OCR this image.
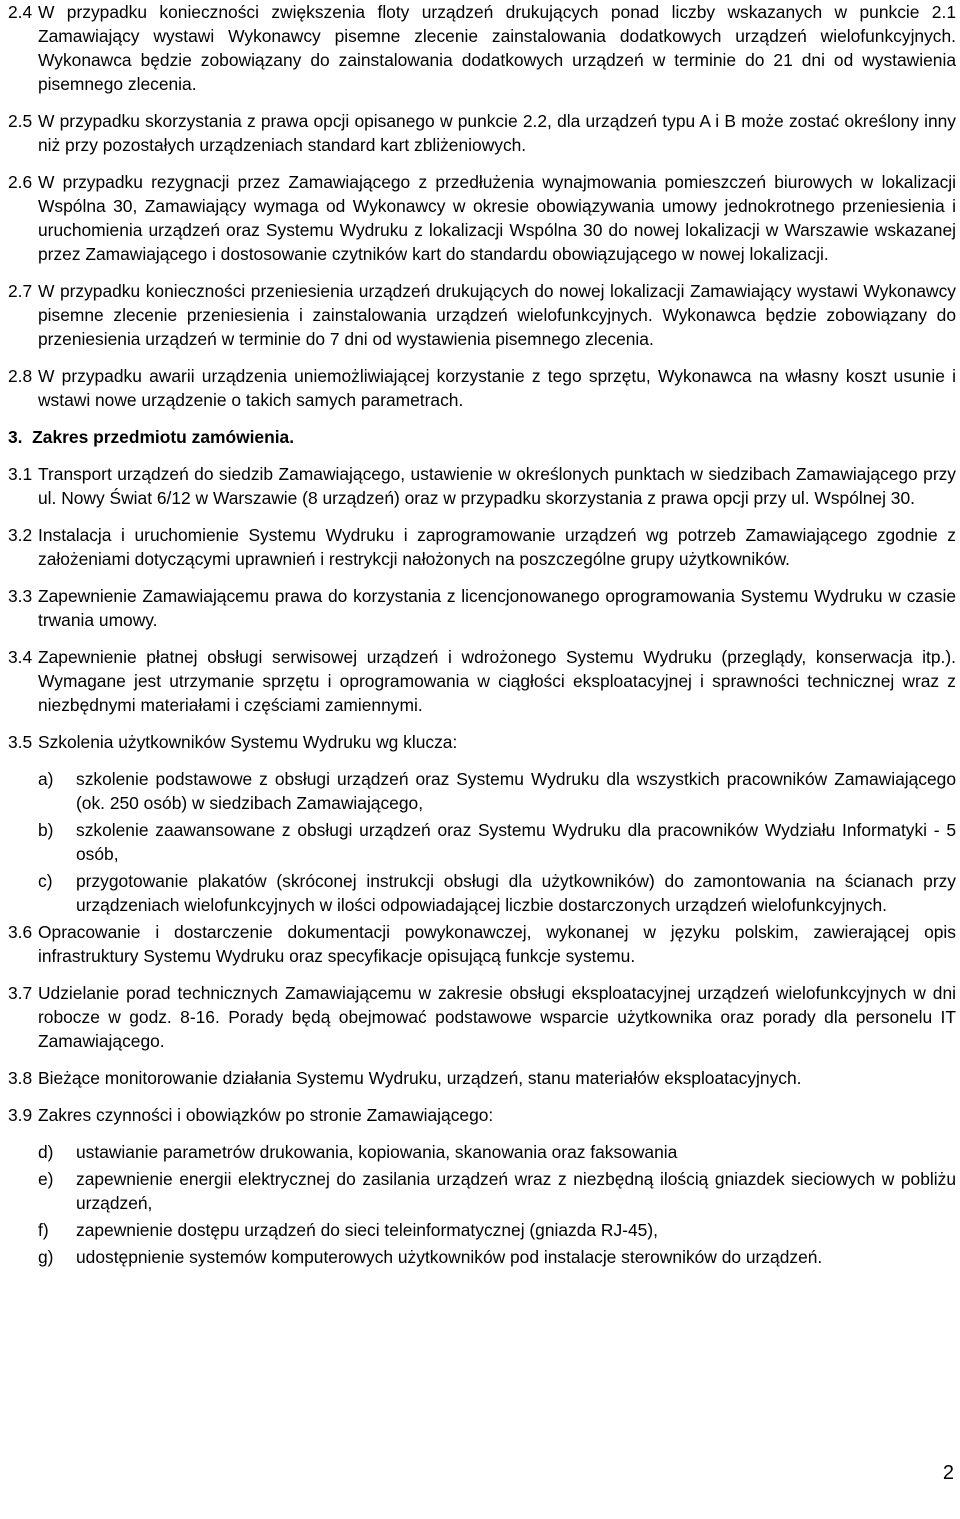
2.4 W przypadku konieczności zwiększenia floty urządzeń drukujących ponad liczby wskazanych w punkcie 2.1 Zamawiający wystawi Wykonawcy pisemne zlecenie zainstalowania dodatkowych urządzeń wielofunkcyjnych. Wykonawca będzie zobowiązany do zainstalowania dodatkowych urządzeń w terminie do 21 dni od wystawienia pisemnego zlecenia.

2.5 W przypadku skorzystania z prawa opcji opisanego w punkcie 2.2, dla urządzeń typu A i B może zostać określony inny niż przy pozostałych urządzeniach standard kart zbliżeniowych.

2.6 W przypadku rezygnacji przez Zamawiającego z przedłużenia wynajmowania pomieszczeń biurowych w lokalizacji Wspólna 30, Zamawiający wymaga od Wykonawcy w okresie obowiązywania umowy jednokrotnego przeniesienia i uruchomienia urządzeń oraz Systemu Wydruku z lokalizacji Wspólna 30 do nowej lokalizacji w Warszawie wskazanej przez Zamawiającego i dostosowanie czytników kart do standardu obowiązującego w nowej lokalizacji.

2.7 W przypadku konieczności przeniesienia urządzeń drukujących do nowej lokalizacji Zamawiający wystawi Wykonawcy pisemne zlecenie przeniesienia i zainstalowania urządzeń wielofunkcyjnych. Wykonawca będzie zobowiązany do przeniesienia urządzeń w terminie do 7 dni od wystawienia pisemnego zlecenia.

2.8 W przypadku awarii urządzenia uniemożliwiającej korzystanie z tego sprzętu, Wykonawca na własny koszt usunie i wstawi nowe urządzenie o takich samych parametrach.

3.  Zakres przedmiotu zamówienia.

3.1 Transport urządzeń do siedzib Zamawiającego, ustawienie w określonych punktach w siedzibach Zamawiającego przy ul. Nowy Świat 6/12 w Warszawie (8 urządzeń) oraz w przypadku skorzystania z prawa opcji przy ul. Wspólnej 30.

3.2 Instalacja i uruchomienie Systemu Wydruku i zaprogramowanie urządzeń wg potrzeb Zamawiającego zgodnie z założeniami dotyczącymi uprawnień i restrykcji nałożonych na poszczególne grupy użytkowników.

3.3 Zapewnienie Zamawiającemu prawa do korzystania z licencjonowanego oprogramowania Systemu Wydruku w czasie trwania umowy.

3.4 Zapewnienie płatnej obsługi serwisowej urządzeń i wdrożonego Systemu Wydruku (przeglądy, konserwacja itp.). Wymagane jest utrzymanie sprzętu i oprogramowania w ciągłości eksploatacyjnej i sprawności technicznej wraz z niezbędnymi materiałami i częściami zamiennymi.

3.5 Szkolenia użytkowników Systemu Wydruku wg klucza:

a)	szkolenie podstawowe z obsługi urządzeń oraz Systemu Wydruku dla wszystkich pracowników Zamawiającego (ok. 250 osób) w siedzibach Zamawiającego,

b)	szkolenie zaawansowane z obsługi urządzeń oraz Systemu Wydruku dla pracowników Wydziału Informatyki - 5 osób,

c)	przygotowanie plakatów (skróconej instrukcji obsługi dla użytkowników) do zamontowania na ścianach przy urządzeniach wielofunkcyjnych w ilości odpowiadającej liczbie dostarczonych urządzeń wielofunkcyjnych.

3.6 Opracowanie i dostarczenie dokumentacji powykonawczej, wykonanej w języku polskim, zawierającej opis infrastruktury Systemu Wydruku oraz specyfikacje opisującą funkcje systemu.

3.7 Udzielanie porad technicznych Zamawiającemu w zakresie obsługi eksploatacyjnej urządzeń wielofunkcyjnych w dni robocze w godz. 8-16. Porady będą obejmować podstawowe wsparcie użytkownika oraz porady dla personelu IT Zamawiającego.

3.8 Bieżące monitorowanie działania Systemu Wydruku, urządzeń, stanu materiałów eksploatacyjnych.

3.9 Zakres czynności i obowiązków po stronie Zamawiającego:

d)	ustawianie parametrów drukowania, kopiowania, skanowania oraz faksowania

e)	zapewnienie energii elektrycznej do zasilania urządzeń wraz z niezbędną ilością gniazdek sieciowych w pobliżu urządzeń,

f)	zapewnienie dostępu urządzeń do sieci teleinformatycznej (gniazda RJ-45),

g)	udostępnienie systemów komputerowych użytkowników pod instalacje sterowników do urządzeń.

2
